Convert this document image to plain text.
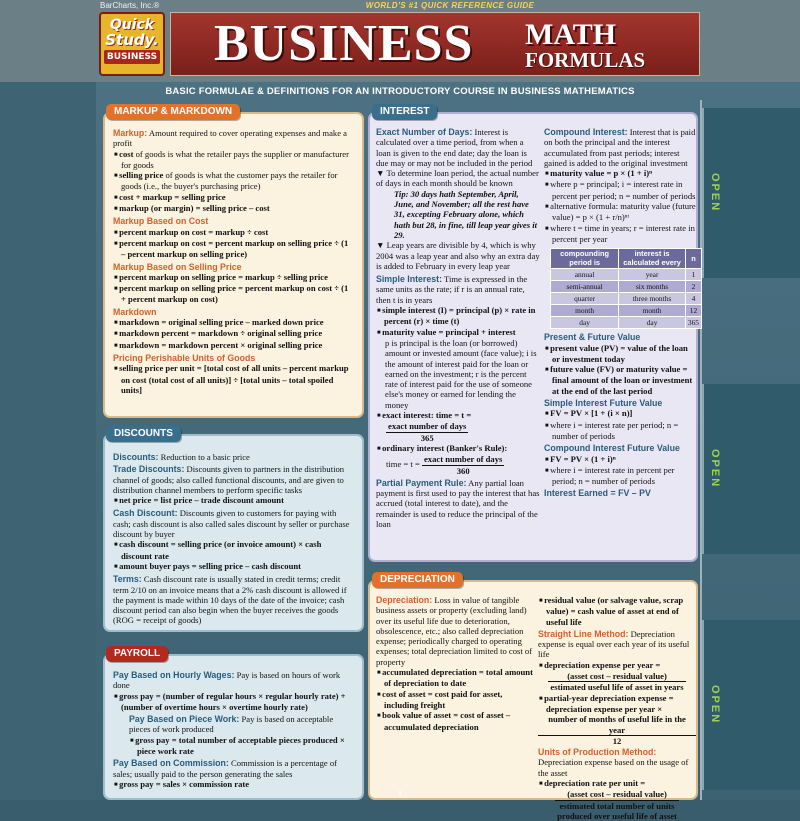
BarCharts, Inc.®	WORLD'S #1 QUICK REFERENCE GUIDE
Quick
Study.
BUSINESS BUSINESS MATH
FORMULAS
BASIC FORMULAE & DEFINITIONS FOR AN INTRODUCTORY COURSE IN BUSINESS MATHEMATICS
OPEN
OPEN
OPEN
Markup: Amount required to cover operating expenses and make a profit
■ cost of goods is what the retailer pays the supplier or manufacturer for goods
■ selling price of goods is what the customer pays the retailer for goods (i.e., the buyer's purchasing price)
■ cost + markup = selling price
■ markup (or margin) = selling price – cost
Markup Based on Cost
■ percent markup on cost = markup ÷ cost
■ percent markup on cost = percent markup on selling price ÷ (1 – percent markup on selling price)
Markup Based on Selling Price
■ percent markup on selling price = markup ÷ selling price
■ percent markup on selling price = percent markup on cost ÷ (1 + percent markup on cost)
Markdown
■ markdown = original selling price – marked down price
■ markdown percent = markdown ÷ original selling price
■ markdown = markdown percent × original selling price
Pricing Perishable Units of Goods
■ selling price per unit = [total cost of all units – percent markup on cost (total cost of all units)] ÷ [total units – total spoiled units]
MARKUP & MARKDOWN
Discounts: Reduction to a basic price
Trade Discounts: Discounts given to partners in the distribution channel of goods; also called functional discounts, and are given to distribution channel members to perform specific tasks
■ net price = list price – trade discount amount
Cash Discount: Discounts given to customers for paying with cash; cash discount is also called sales discount by seller or purchase discount by buyer
■ cash discount = selling price (or invoice amount) × cash discount rate
■ amount buyer pays = selling price – cash discount
Terms: Cash discount rate is usually stated in credit terms; credit term 2/10 on an invoice means that a 2% cash discount is allowed if the payment is made within 10 days of the date of the invoice; cash discount period can also begin when the buyer receives the goods (ROG = receipt of goods)
DISCOUNTS
Pay Based on Hourly Wages: Pay is based on hours of work done
■ gross pay = (number of regular hours × regular hourly rate) + (number of overtime hours × overtime hourly rate)
Pay Based on Piece Work: Pay is based on acceptable pieces of work produced
■ gross pay = total number of acceptable pieces produced × piece work rate
Pay Based on Commission: Commission is a percentage of sales; usually paid to the person generating the sales
■ gross pay = sales × commission rate
PAYROLL
Exact Number of Days: Interest is calculated over a time period, from when a loan is given to the end date; day the loan is due may or may not be included in the period
▼ To determine loan period, the actual number of days in each month should be known
Tip: 30 days hath September, April, June, and November; all the rest have 31, excepting February alone, which hath but 28, in fine, till leap year gives it 29.
▼ Leap years are divisible by 4, which is why 2004 was a leap year and also why an extra day is added to February in every leap year
Simple Interest: Time is expressed in the same units as the rate; if r is an annual rate, then t is in years
■ simple interest (I) = principal (p) × rate in percent (r) × time (t)
■ maturity value = principal + interest
p is principal is the loan (or borrowed) amount or invested amount (face value); i is the amount of interest paid for the loan or earned on the investment; r is the percent rate of interest paid for the use of someone else's money or earned for lending the money
■ exact interest: time = t =
$\frac{\text{exact number of days}}{365}$
■ ordinary interest (Banker's Rule):
time = $t = \frac{\text{exact number of days}}{360}$
Partial Payment Rule: Any partial loan payment is first used to pay the interest that has accrued (total interest to date), and the remainder is used to reduce the principal of the loan
Compound Interest: Interest that is paid on both the principal and the interest accumulated from past periods; interest gained is added to the original investment
■ maturity value = p × (1 + i)ⁿ
■ where p = principal; i = interest rate in percent per period; n = number of periods
■ alternative formula: maturity value (future value) = p × (1 + r/n)ⁿᵗ
■ where t = time in years; r = interest rate in percent per year
compounding period is	interest is calculated every	n
annual	year	1
semi-annual	six months	2
quarter	three months	4
month	month	12
day	day	365
Present & Future Value
■ present value (PV) = value of the loan or investment today
■ future value (FV) or maturity value = final amount of the loan or investment at the end of the last period
Simple Interest Future Value
■ FV = PV × [1 + (i × n)]
■ where i = interest rate per period; n = number of periods
Compound Interest Future Value
■ FV = PV × (1 + i)ⁿ
■ where i = interest rate in percent per period; n = number of periods
Interest Earned = FV – PV
INTEREST
Depreciation: Loss in value of tangible business assets or property (excluding land) over its useful life due to deterioration, obsolescence, etc.; also called depreciation expense; periodically charged to operating expenses; total depreciation limited to cost of property
■ accumulated depreciation = total amount of depreciation to date
■ cost of asset = cost paid for asset, including freight
■ book value of asset = cost of asset – accumulated depreciation
■ residual value (or salvage value, scrap value) = cash value of asset at end of useful life
Straight Line Method: Depreciation expense is equal over each year of its useful life
■ depreciation expense per year =
$\frac{\text{(asset cost – residual value)}}{\text{estimated useful life of asset in years}}$
■ partial-year depreciation expense = depreciation expense per year ×
$\frac{\text{number of months of useful life in the year}}{12}$
Units of Production Method: Depreciation expense based on the usage of the asset
■ depreciation rate per unit =
(asset cost – residual value)
estimated total number of units
produced over useful life of asset
DEPRECIATION
1
